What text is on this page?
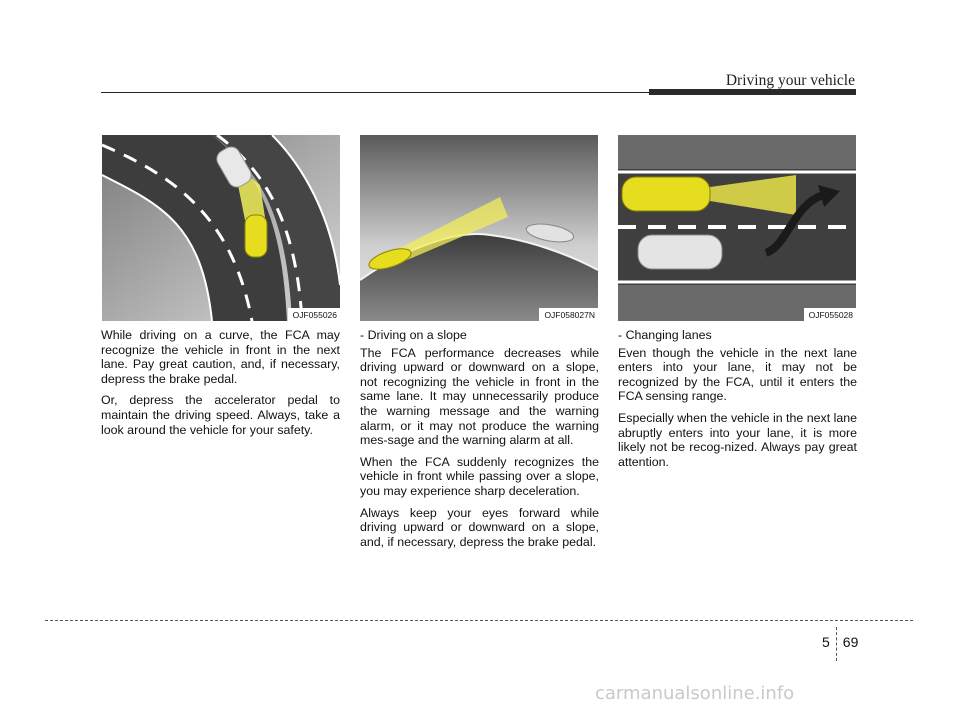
Driving your vehicle
OJF055026	OJF058027N	OJF055028

While driving on a curve, the FCA may recognize the vehicle in front in the next lane. Pay great caution, and, if necessary, depress the brake pedal.

Or, depress the accelerator pedal to maintain the driving speed. Always, take a look around the vehicle for your safety.

- Driving on a slope

The FCA performance decreases while driving upward or downward on a slope, not recognizing the vehicle in front in the same lane. It may unnecessarily produce the warning message and the warning alarm, or it may not produce the warning mes-sage and the warning alarm at all.

When the FCA suddenly recognizes the vehicle in front while passing over a slope, you may experience sharp deceleration.

Always keep your eyes forward while driving upward or downward on a slope, and, if necessary, depress the brake pedal.

- Changing lanes

Even though the vehicle in the next lane enters into your lane, it may not be recognized by the FCA, until it enters the FCA sensing range.

Especially when the vehicle in the next lane abruptly enters into your lane, it is more likely not be recog-nized. Always pay great attention.

5 69
carmanualsonline.info
